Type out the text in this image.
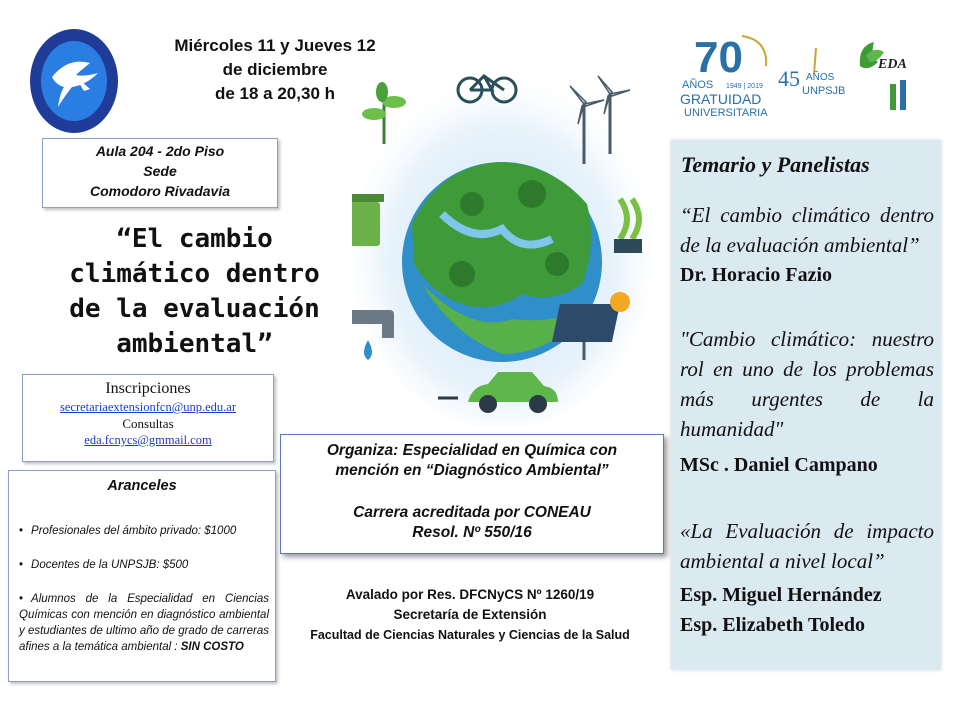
Miércoles 11 y Jueves 12
de diciembre
de 18 a 20,30 h
Aula 204 - 2do Piso
Sede
Comodoro Rivadavia
“El cambio
climático dentro
de la evaluación
ambiental”
Inscripciones
secretariaextensionfcn@unp.edu.ar
Consultas
eda.fcnycs@gmmail.com
Aranceles
• Profesionales del ámbito privado: $1000
• Docentes de la UNPSJB: $500
• Alumnos de la Especialidad en Ciencias Químicas con mención en diagnóstico ambiental y estudiantes de ultimo año de grado de carreras afines a la temática ambiental : SIN COSTO
70
AÑOS 1949 | 2019
GRATUIDAD
UNIVERSITARIA
45 AÑOS
UNPSJB
EDA
Organiza: Especialidad en Química con
mención en “Diagnóstico Ambiental”
Carrera acreditada por CONEAU
Resol. Nº 550/16
Avalado por Res. DFCNyCS Nº 1260/19
Secretaría de Extensión
Facultad de Ciencias Naturales y Ciencias de la Salud
Temario y Panelistas
“El cambio climático dentro de la evaluación ambiental”
Dr. Horacio Fazio
"Cambio climático: nuestro rol en uno de los problemas más urgentes de la humanidad"
MSc . Daniel Campano
«La Evaluación de impacto ambiental a nivel local”
Esp. Miguel Hernández
Esp. Elizabeth Toledo
